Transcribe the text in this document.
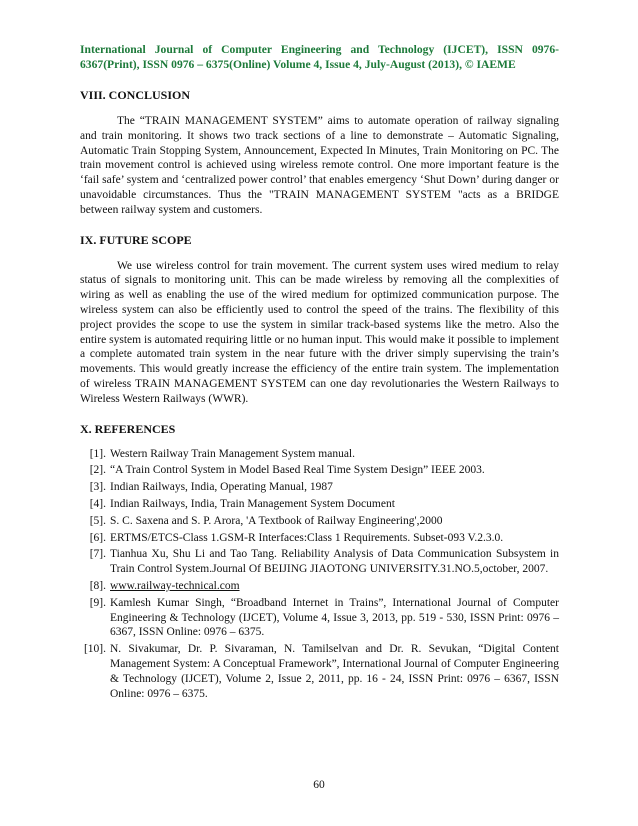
International Journal of Computer Engineering and Technology (IJCET), ISSN 0976-6367(Print), ISSN 0976 – 6375(Online) Volume 4, Issue 4, July-August (2013), © IAEME

VIII. CONCLUSION

The “TRAIN MANAGEMENT SYSTEM” aims to automate operation of railway signaling and train monitoring. It shows two track sections of a line to demonstrate – Automatic Signaling, Automatic Train Stopping System, Announcement, Expected In Minutes, Train Monitoring on PC. The train movement control is achieved using wireless remote control. One more important feature is the ‘fail safe’ system and ‘centralized power control’ that enables emergency ‘Shut Down’ during danger or unavoidable circumstances. Thus the "TRAIN MANAGEMENT SYSTEM "acts as a BRIDGE between railway system and customers.

IX. FUTURE SCOPE

We use wireless control for train movement. The current system uses wired medium to relay status of signals to monitoring unit. This can be made wireless by removing all the complexities of wiring as well as enabling the use of the wired medium for optimized communication purpose. The wireless system can also be efficiently used to control the speed of the trains. The flexibility of this project provides the scope to use the system in similar track-based systems like the metro. Also the entire system is automated requiring little or no human input. This would make it possible to implement a complete automated train system in the near future with the driver simply supervising the train’s movements. This would greatly increase the efficiency of the entire train system. The implementation of wireless TRAIN MANAGEMENT SYSTEM can one day revolutionaries the Western Railways to Wireless Western Railways (WWR).

X. REFERENCES

[1]. Western Railway Train Management System manual.
[2]. “A Train Control System in Model Based Real Time System Design” IEEE 2003.
[3]. Indian Railways, India, Operating Manual, 1987
[4]. Indian Railways, India, Train Management System Document
[5]. S. C. Saxena and S. P. Arora, 'A Textbook of Railway Engineering',2000
[6]. ERTMS/ETCS-Class 1.GSM-R Interfaces:Class 1 Requirements. Subset-093 V.2.3.0.
[7]. Tianhua Xu, Shu Li and Tao Tang. Reliability Analysis of Data Communication Subsystem in Train Control System.Journal Of BEIJING JIAOTONG UNIVERSITY.31.NO.5,october, 2007.
[8]. www.railway-technical.com
[9]. Kamlesh Kumar Singh, “Broadband Internet in Trains”, International Journal of Computer Engineering & Technology (IJCET), Volume 4, Issue 3, 2013, pp. 519 - 530, ISSN Print: 0976 – 6367, ISSN Online: 0976 – 6375.
[10]. N. Sivakumar, Dr. P. Sivaraman, N. Tamilselvan and Dr. R. Sevukan, “Digital Content Management System: A Conceptual Framework”, International Journal of Computer Engineering & Technology (IJCET), Volume 2, Issue 2, 2011, pp. 16 - 24, ISSN Print: 0976 – 6367, ISSN Online: 0976 – 6375.
60
